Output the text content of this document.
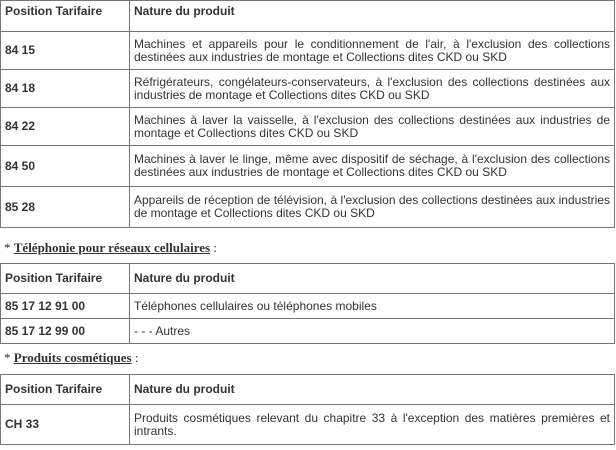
Position Tarifaire	Nature du produit
84 15	Machines et appareils pour le conditionnement de l'air, à l'exclusion des collections destinées aux industries de montage et Collections dites CKD ou SKD
84 18	Réfrigérateurs, congélateurs-conservateurs, à l'exclusion des collections destinées aux industries de montage et Collections dites CKD ou SKD
84 22	Machines à laver la vaisselle, à l'exclusion des collections destinées aux industries de montage et Collections dites CKD ou SKD
84 50	Machines à laver le linge, même avec dispositif de séchage, à l'exclusion des collections destinées aux industries de montage et Collections dites CKD ou SKD
85 28	Appareils de réception de télévision, à l'exclusion des collections destinées aux industries de montage et Collections dites CKD ou SKD
* Téléphonie pour réseaux cellulaires :
Position Tarifaire	Nature du produit
85 17 12 91 00	Téléphones cellulaires ou téléphones mobiles
85 17 12 99 00	- - - Autres
* Produits cosmétiques :
Position Tarifaire	Nature du produit
CH 33	Produits cosmétiques relevant du chapitre 33 à l'exception des matières premières et intrants.
